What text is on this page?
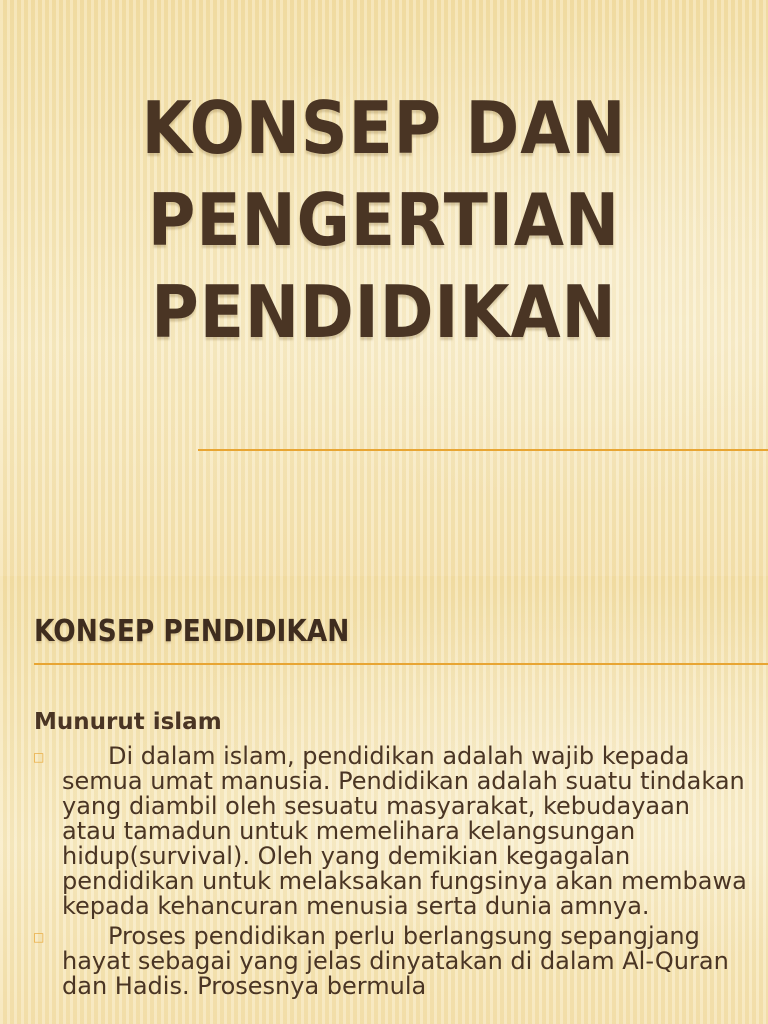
KONSEP DAN
PENGERTIAN
PENDIDIKAN
KONSEP PENDIDIKAN

Munurut islam

□	Di dalam islam, pendidikan adalah wajib kepada semua umat manusia. Pendidikan adalah suatu tindakan yang diambil oleh sesuatu masyarakat, kebudayaan atau tamadun untuk memelihara kelangsungan hidup(survival). Oleh yang demikian kegagalan pendidikan untuk melaksakan fungsinya akan membawa kepada kehancuran menusia serta dunia amnya.
□	Proses pendidikan perlu berlangsung sepangjang hayat sebagai yang jelas dinyatakan di dalam Al-Quran dan Hadis. Prosesnya bermula
